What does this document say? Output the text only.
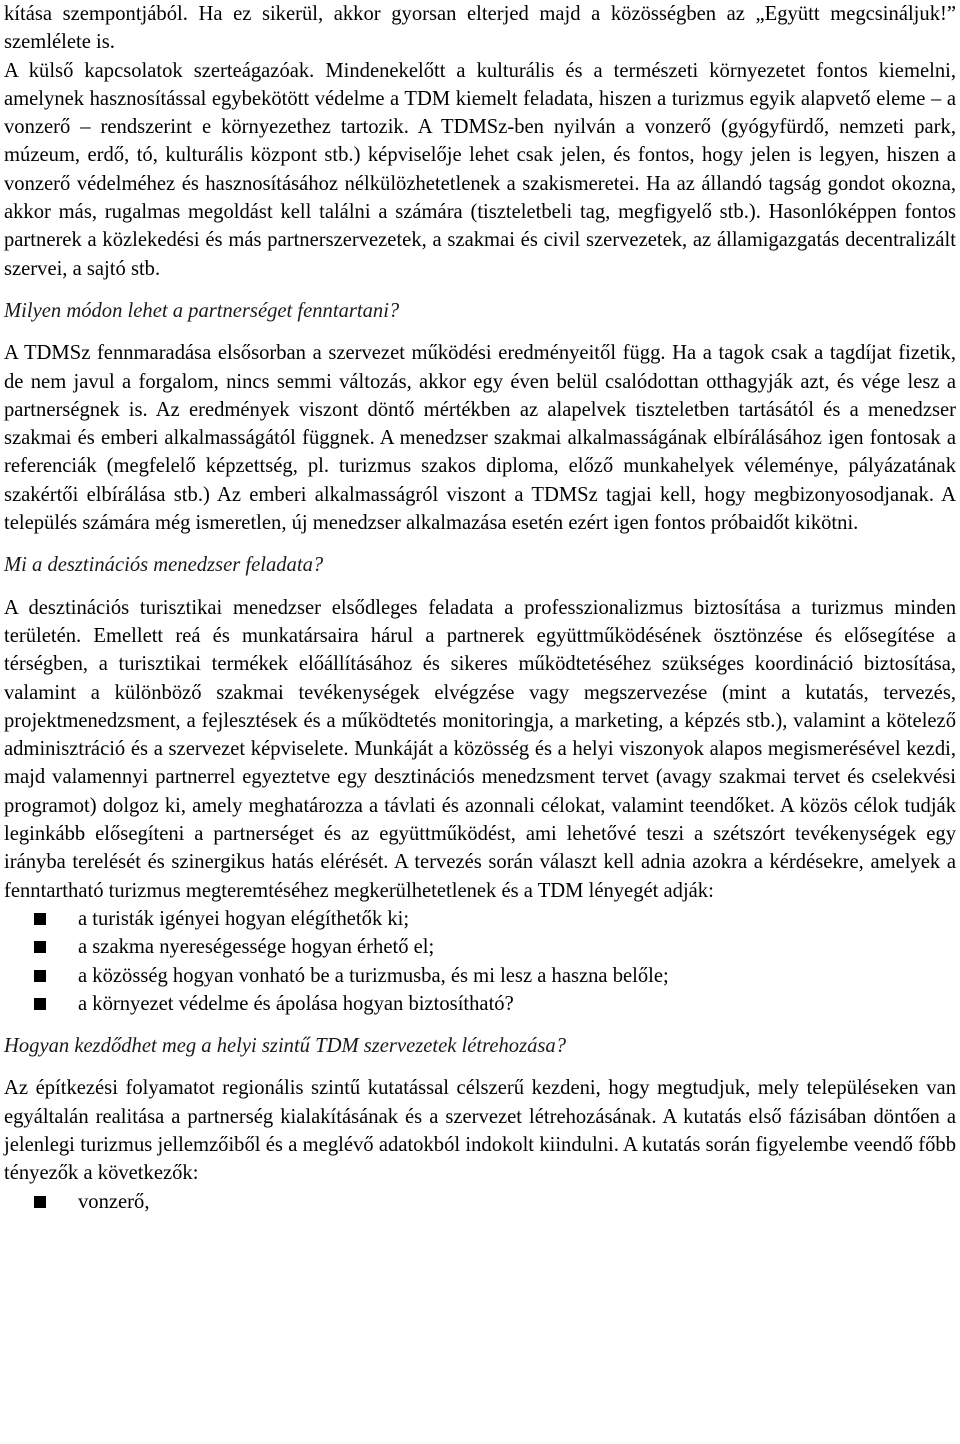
kítása szempontjából. Ha ez sikerül, akkor gyorsan elterjed majd a közösségben az „Együtt megcsináljuk!” szemlélete is.

A külső kapcsolatok szerteágazóak. Mindenekelőtt a kulturális és a természeti környezetet fontos kiemelni, amelynek hasznosítással egybekötött védelme a TDM kiemelt feladata, hiszen a turizmus egyik alapvető eleme – a vonzerő – rendszerint e környezethez tartozik. A TDMSz-ben nyilván a vonzerő (gyógyfürdő, nemzeti park, múzeum, erdő, tó, kulturális központ stb.) képviselője lehet csak jelen, és fontos, hogy jelen is legyen, hiszen a vonzerő védelméhez és hasznosításához nélkülözhetetlenek a szakismeretei. Ha az állandó tagság gondot okozna, akkor más, rugalmas megoldást kell találni a számára (tiszteletbeli tag, megfigyelő stb.). Hasonlóképpen fontos partnerek a közlekedési és más partnerszervezetek, a szakmai és civil szervezetek, az államigazgatás decentralizált szervei, a sajtó stb.

Milyen módon lehet a partnerséget fenntartani?

A TDMSz fennmaradása elsősorban a szervezet működési eredményeitől függ. Ha a tagok csak a tagdíjat fizetik, de nem javul a forgalom, nincs semmi változás, akkor egy éven belül csalódottan otthagyják azt, és vége lesz a partnerségnek is. Az eredmények viszont döntő mértékben az alapelvek tiszteletben tartásától és a menedzser szakmai és emberi alkalmasságától függnek. A menedzser szakmai alkalmasságának elbírálásához igen fontosak a referenciák (megfelelő képzettség, pl. turizmus szakos diploma, előző munkahelyek véleménye, pályázatának szakértői elbírálása stb.) Az emberi alkalmasságról viszont a TDMSz tagjai kell, hogy megbizonyosodjanak. A település számára még ismeretlen, új menedzser alkalmazása esetén ezért igen fontos próbaidőt kikötni.

Mi a desztinációs menedzser feladata?

A desztinációs turisztikai menedzser elsődleges feladata a professzionalizmus biztosítása a turizmus minden területén. Emellett reá és munkatársaira hárul a partnerek együttműködésének ösztönzése és elősegítése a térségben, a turisztikai termékek előállításához és sikeres működtetéséhez szükséges koordináció biztosítása, valamint a különböző szakmai tevékenységek elvégzése vagy megszervezése (mint a kutatás, tervezés, projektmenedzsment, a fejlesztések és a működtetés monitoringja, a marketing, a képzés stb.), valamint a kötelező adminisztráció és a szervezet képviselete. Munkáját a közösség és a helyi viszonyok alapos megismerésével kezdi, majd valamennyi partnerrel egyeztetve egy desztinációs menedzsment tervet (avagy szakmai tervet és cselekvési programot) dolgoz ki, amely meghatározza a távlati és azonnali célokat, valamint teendőket. A közös célok tudják leginkább elősegíteni a partnerséget és az együttműködést, ami lehetővé teszi a szétszórt tevékenységek egy irányba terelését és szinergikus hatás elérését. A tervezés során választ kell adnia azokra a kérdésekre, amelyek a fenntartható turizmus megteremtéséhez megkerülhetetlenek és a TDM lényegét adják:

a turisták igényei hogyan elégíthetők ki;
a szakma nyereségessége hogyan érhető el;
a közösség hogyan vonható be a turizmusba, és mi lesz a haszna belőle;
a környezet védelme és ápolása hogyan biztosítható?

Hogyan kezdődhet meg a helyi szintű TDM szervezetek létrehozása?

Az építkezési folyamatot regionális szintű kutatással célszerű kezdeni, hogy megtudjuk, mely településeken van egyáltalán realitása a partnerség kialakításának és a szervezet létrehozásának. A kutatás első fázisában döntően a jelenlegi turizmus jellemzőiből és a meglévő adatokból indokolt kiindulni. A kutatás során figyelembe veendő főbb tényezők a következők:

vonzerő,
